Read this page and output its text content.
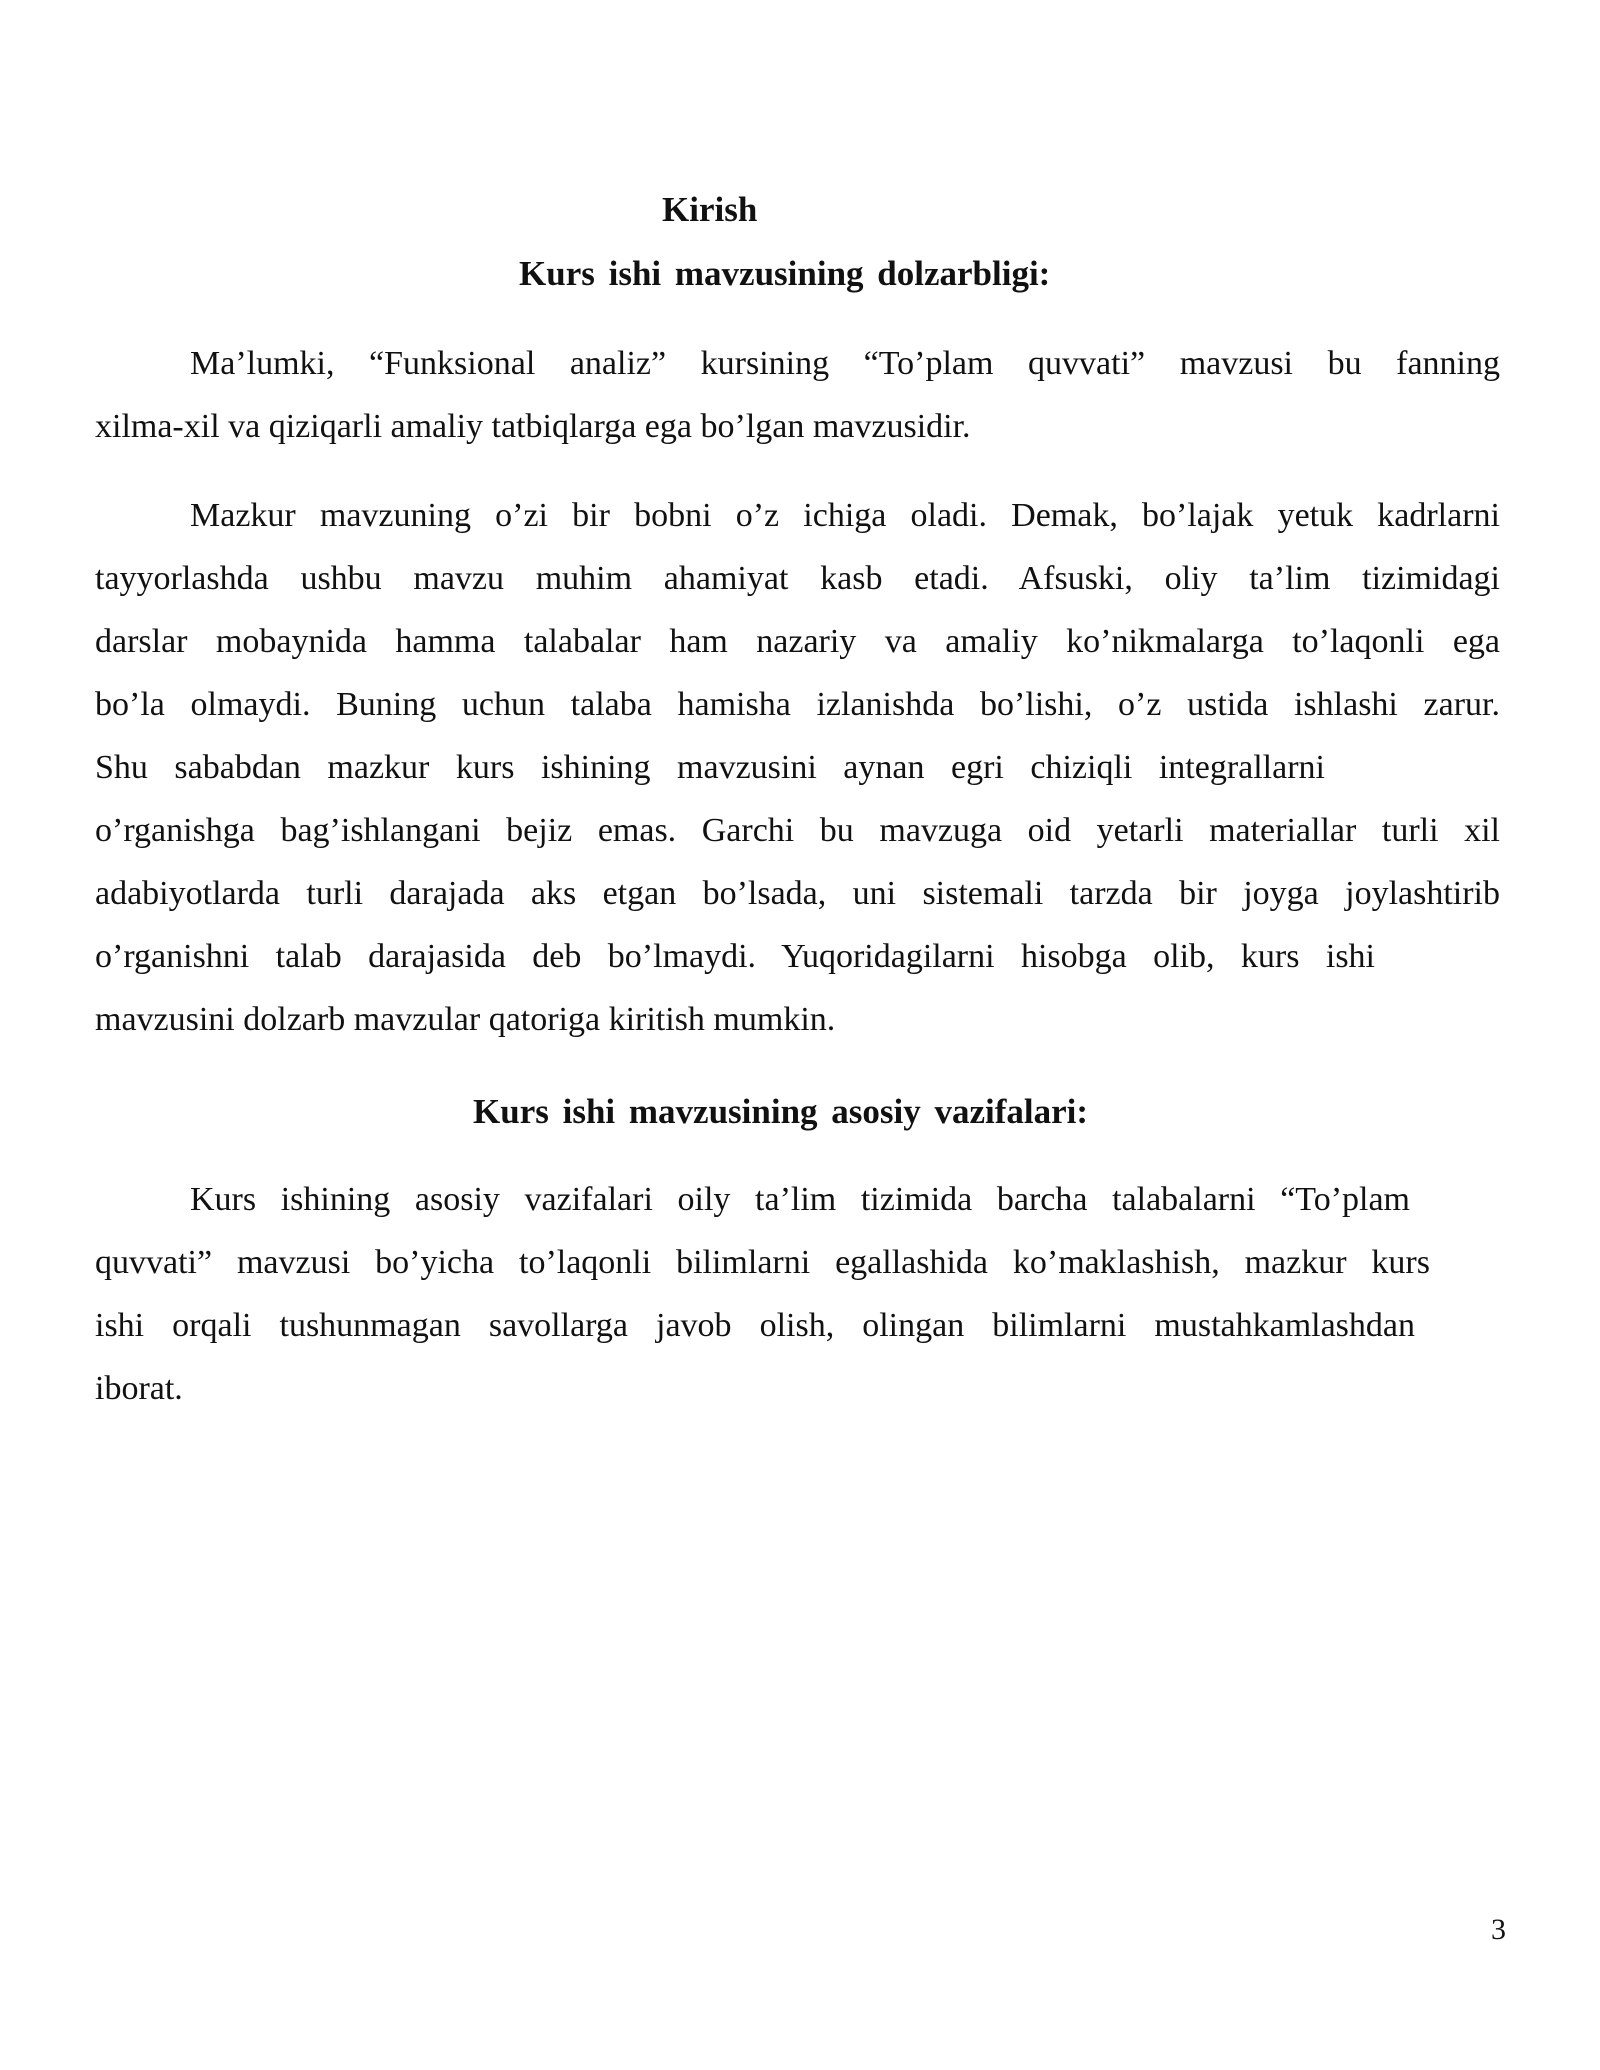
Kirish
Kurs ishi mavzusining dolzarbligi:

Ma’lumki, “Funksional analiz” kursining “To’plam quvvati” mavzusi bu fanning

xilma-xil va qiziqarli amaliy tatbiqlarga ega bo’lgan mavzusidir.

Mazkur mavzuning o’zi bir bobni o’z ichiga oladi. Demak, bo’lajak yetuk kadrlarni

tayyorlashda ushbu mavzu muhim ahamiyat kasb etadi. Afsuski, oliy ta’lim tizimidagi

darslar mobaynida hamma talabalar ham nazariy va amaliy ko’nikmalarga to’laqonli ega

bo’la olmaydi. Buning uchun talaba hamisha izlanishda bo’lishi, o’z ustida ishlashi zarur.

Shu sababdan mazkur kurs ishining mavzusini aynan egri chiziqli integrallarni

o’rganishga bag’ishlangani bejiz emas. Garchi bu mavzuga oid yetarli materiallar turli xil

adabiyotlarda turli darajada aks etgan bo’lsada, uni sistemali tarzda bir joyga joylashtirib

o’rganishni talab darajasida deb bo’lmaydi. Yuqoridagilarni hisobga olib, kurs ishi

mavzusini dolzarb mavzular qatoriga kiritish mumkin.

Kurs ishi mavzusining asosiy vazifalari:

Kurs ishining asosiy vazifalari oily ta’lim tizimida barcha talabalarni “To’plam

quvvati” mavzusi bo’yicha to’laqonli bilimlarni egallashida ko’maklashish, mazkur kurs

ishi orqali tushunmagan savollarga javob olish, olingan bilimlarni mustahkamlashdan

iborat.

3
